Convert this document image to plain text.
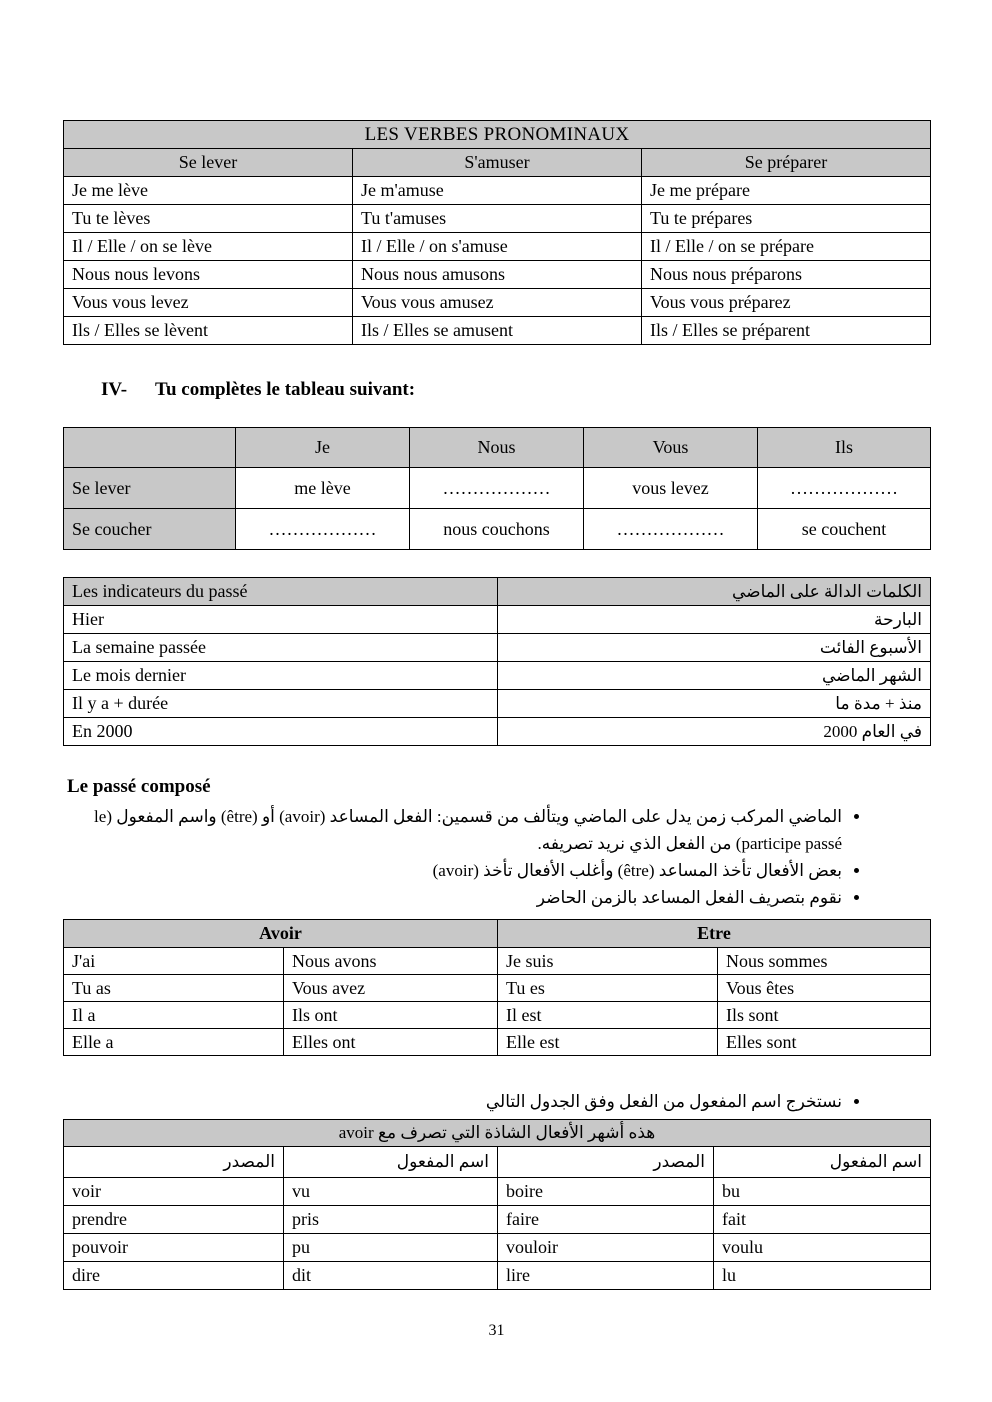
LES VERBES PRONOMINAUX		
Se lever	S'amuser	Se préparer
Je me lève	Je m'amuse	Je me prépare
Tu te lèves	Tu t'amuses	Tu te prépares
Il / Elle / on se lève	Il / Elle / on s'amuse	Il / Elle / on se prépare
Nous nous levons	Nous nous amusons	Nous nous préparons
Vous vous levez	Vous vous amusez	Vous vous préparez
Ils / Elles se lèvent	Ils / Elles se amusent	Ils / Elles se préparent
IV- Tu complètes le tableau suivant:
	Je	Nous	Vous	Ils
Se lever	me lève	………………	vous levez	………………
Se coucher	………………	nous couchons	………………	se couchent
Les indicateurs du passé	الكلمات الدالة على الماضي
Hier	البارحة
La semaine passée	الأسبوع الفائت
Le mois dernier	الشهر الماضي
Il y a + durée	منذ + مدة ما
En 2000	في العام 2000
Le passé composé
• الماضي المركب زمن يدل على الماضي ويتألف من قسمين: الفعل المساعد (avoir) أو (être) واسم المفعول (le participe passé) من الفعل الذي نريد تصريفه.
• بعض الأفعال تأخذ المساعد (être) وأغلب الأفعال تأخذ (avoir)
• نقوم بتصريف الفعل المساعد بالزمن الحاضر
Avoir		Etre	
J'ai	Nous avons	Je suis	Nous sommes
Tu as	Vous avez	Tu es	Vous êtes
Il a	Ils ont	Il est	Ils sont
Elle a	Elles ont	Elle est	Elles sont
• نستخرج اسم المفعول من الفعل وفق الجدول التالي
هذه أشهر الأفعال الشاذة التي تصرف مع avoir			
المصدر	اسم المفعول	المصدر	اسم المفعول
voir	vu	boire	bu
prendre	pris	faire	fait
pouvoir	pu	vouloir	voulu
dire	dit	lire	lu
31
